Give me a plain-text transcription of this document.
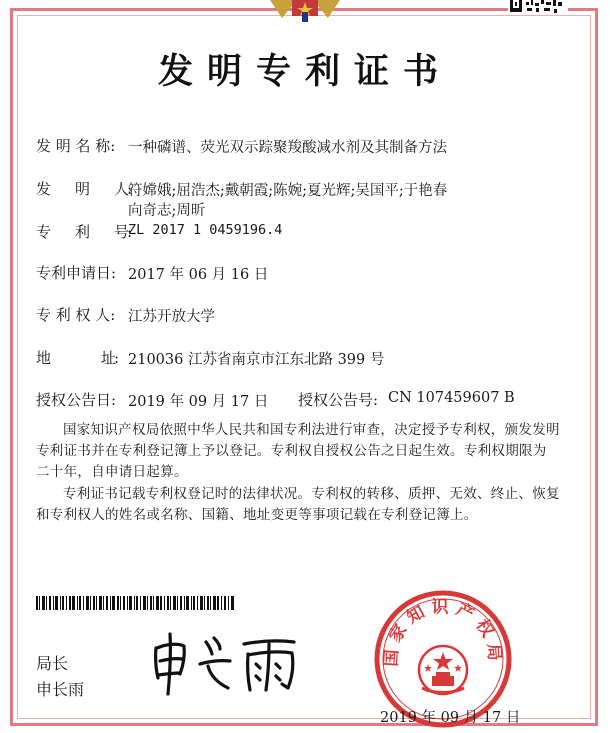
发明专利证书
发 明 名 称: 一种磷谱、荧光双示踪聚羧酸减水剂及其制备方法
发　　明　　人:
符嫦娥;屈浩杰;戴朝霞;陈婉;夏光辉;吴国平;于艳春
向奇志;周昕
专　　利　　号:
ZL 2017 1 0459196.4
专利申请日: 2017 年 06 月 16 日
专 利 权 人: 江苏开放大学
地　　　　址: 210036 江苏省南京市江东北路 399 号
授权公告日: 2019 年 09 月 17 日 授权公告号: CN 107459607 B
国家知识产权局依照中华人民共和国专利法进行审查，决定授予专利权，颁发发明专利证书并在专利登记簿上予以登记。专利权自授权公告之日起生效。专利权期限为二十年，自申请日起算。
专利证书记载专利权登记时的法律状况。专利权的转移、质押、无效、终止、恢复和专利权人的姓名或名称、国籍、地址变更等事项记载在专利登记簿上。
局长
申长雨
国家知识产权局
2019 年 09 月 17 日
